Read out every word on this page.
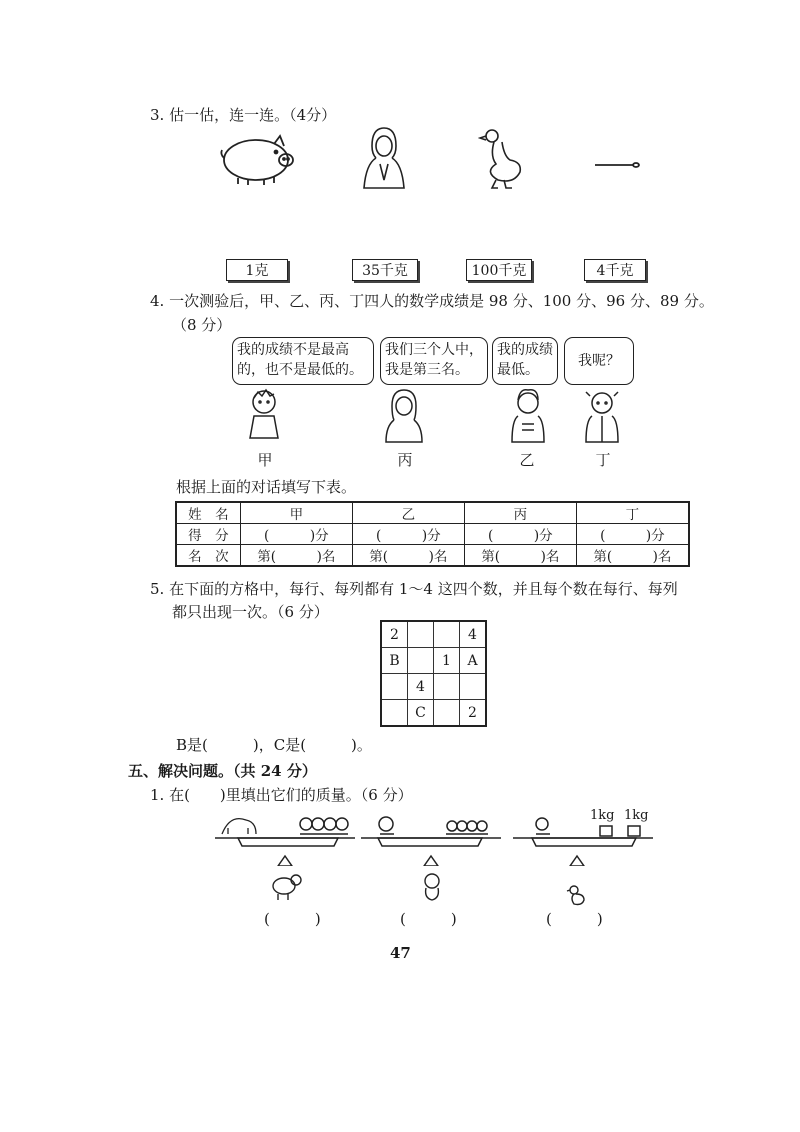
3. 估一估，连一连。（4分）
1克	35千克	100千克	4千克
4. 一次测验后，甲、乙、丙、丁四人的数学成绩是 98 分、100 分、96 分、89 分。
（8 分）
我的成绩不是最高的，也不是最低的。
我们三个人中，我是第三名。
我的成绩最低。
我呢？
甲	丙	乙	丁
根据上面的对话填写下表。
姓　名	甲	乙	丙	丁
得　分	(　　　)分	(　　　)分	(　　　)分	(　　　)分
名　次	第(　　　)名	第(　　　)名	第(　　　)名	第(　　　)名
5. 在下面的方格中，每行、每列都有 1～4 这四个数，并且每个数在每行、每列
都只出现一次。（6 分）
2			4
B		1	A
	4		
	C		2
B是(　　　)，C是(　　　)。
五、解决问题。（共 24 分）
1. 在(　　)里填出它们的质量。（6 分）
1kg 1kg
(　　　)	(　　　)	(　　　)
47
